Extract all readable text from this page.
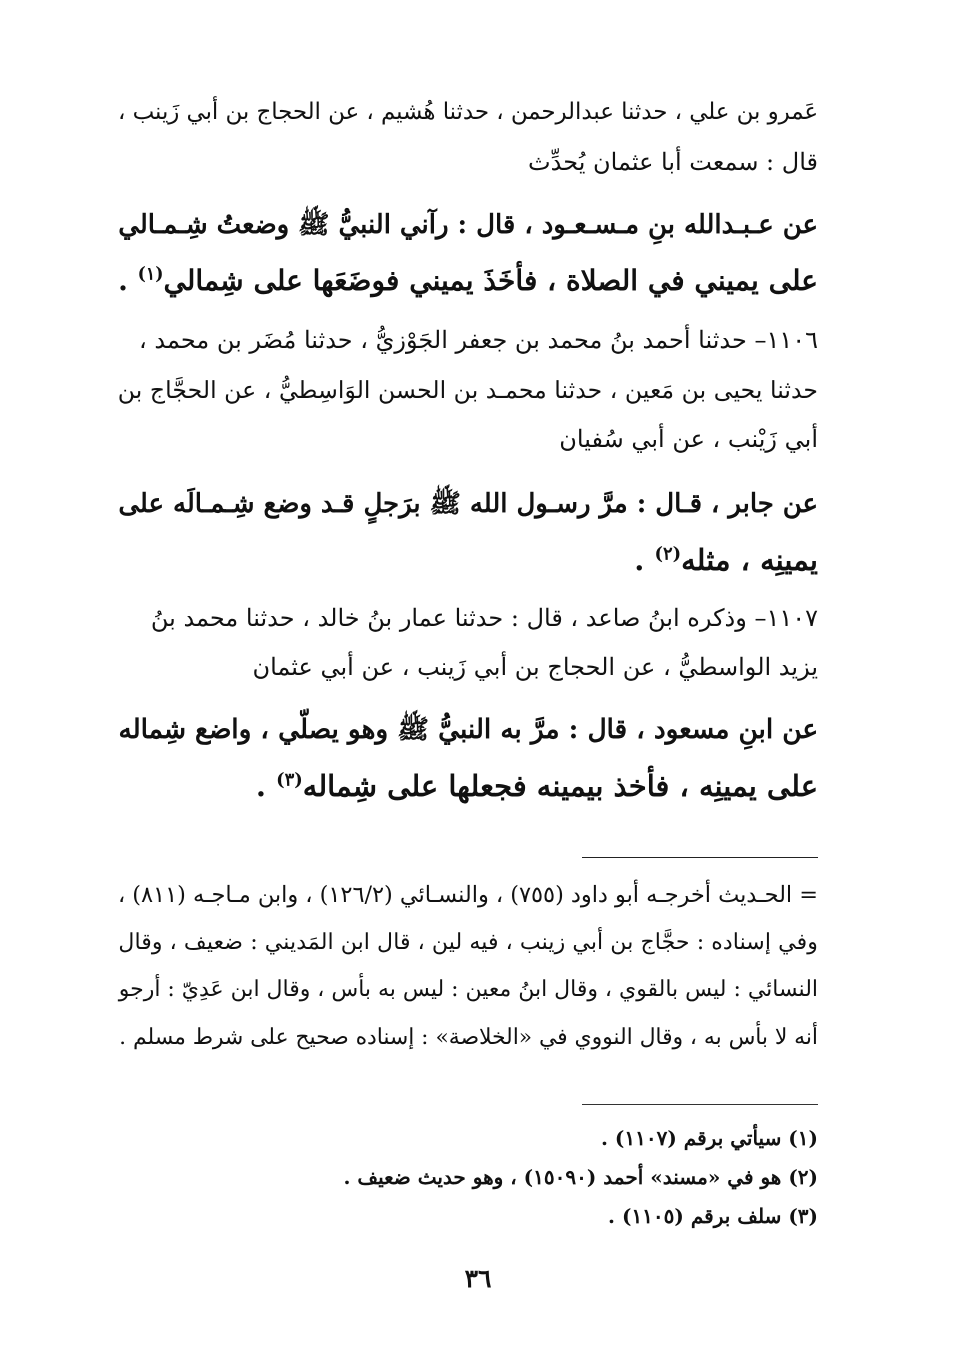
عَمرو بن علي ، حدثنا عبدالرحمن ، حدثنا هُشيم ، عن الحجاج بن أبي زَينب ،
قال : سمعت أبا عثمان يُحدِّث
عن عـبـدالله بنِ مـسـعـود ، قال : رآني النبيُّ ﷺ وضعتُ شِـمـالي
على يميني في الصلاة ، فأخَذَ يميني فوضَعَها على شِمالي$^{(١)}$ .
١١٠٦– حدثنا أحمد بنُ محمد بن جعفر الجَوْزيُّ ، حدثنا مُضَر بن محمد ،
حدثنا يحيى بن مَعين ، حدثنا محمـد بن الحسن الوَاسِطيُّ ، عن الحجَّاج بن
أبي زَيْنب ، عن أبي سُفيان
عن جابر ، قـال : مرَّ رسـول الله ﷺ برَجلٍ قـد وضع شِـمـالَه على
يمينِه ، مثله$^{(٢)}$ .
١١٠٧– وذكره ابنُ صاعد ، قال : حدثنا عمار بنُ خالد ، حدثنا محمد بنُ
يزيد الواسطيُّ ، عن الحجاج بن أبي زَينب ، عن أبي عثمان
عن ابنِ مسعود ، قال : مرَّ به النبيُّ ﷺ وهو يصلّي ، واضع شِماله
على يمينِه ، فأخذ بيمينه فجعلها على شِماله$^{(٣)}$ .
= الحـديث أخرجـه أبو داود (٧٥٥) ، والنسـائي (١٢٦/٢) ، وابن مـاجـه (٨١١) ،
وفي إسناده : حجَّاج بن أبي زينب ، فيه لين ، قال ابن المَديني : ضعيف ، وقال
النسائي : ليس بالقوي ، وقال ابنُ معين : ليس به بأس ، وقال ابن عَدِيّ : أرجو
أنه لا بأس به ، وقال النووي في «الخلاصة» : إسناده صحيح على شرط مسلم .
(١) سيأتي برقم (١١٠٧) .
(٢) هو في «مسند» أحمد (١٥٠٩٠) ، وهو حديث ضعيف .
(٣) سلف برقم (١١٠٥) .
٣٦
